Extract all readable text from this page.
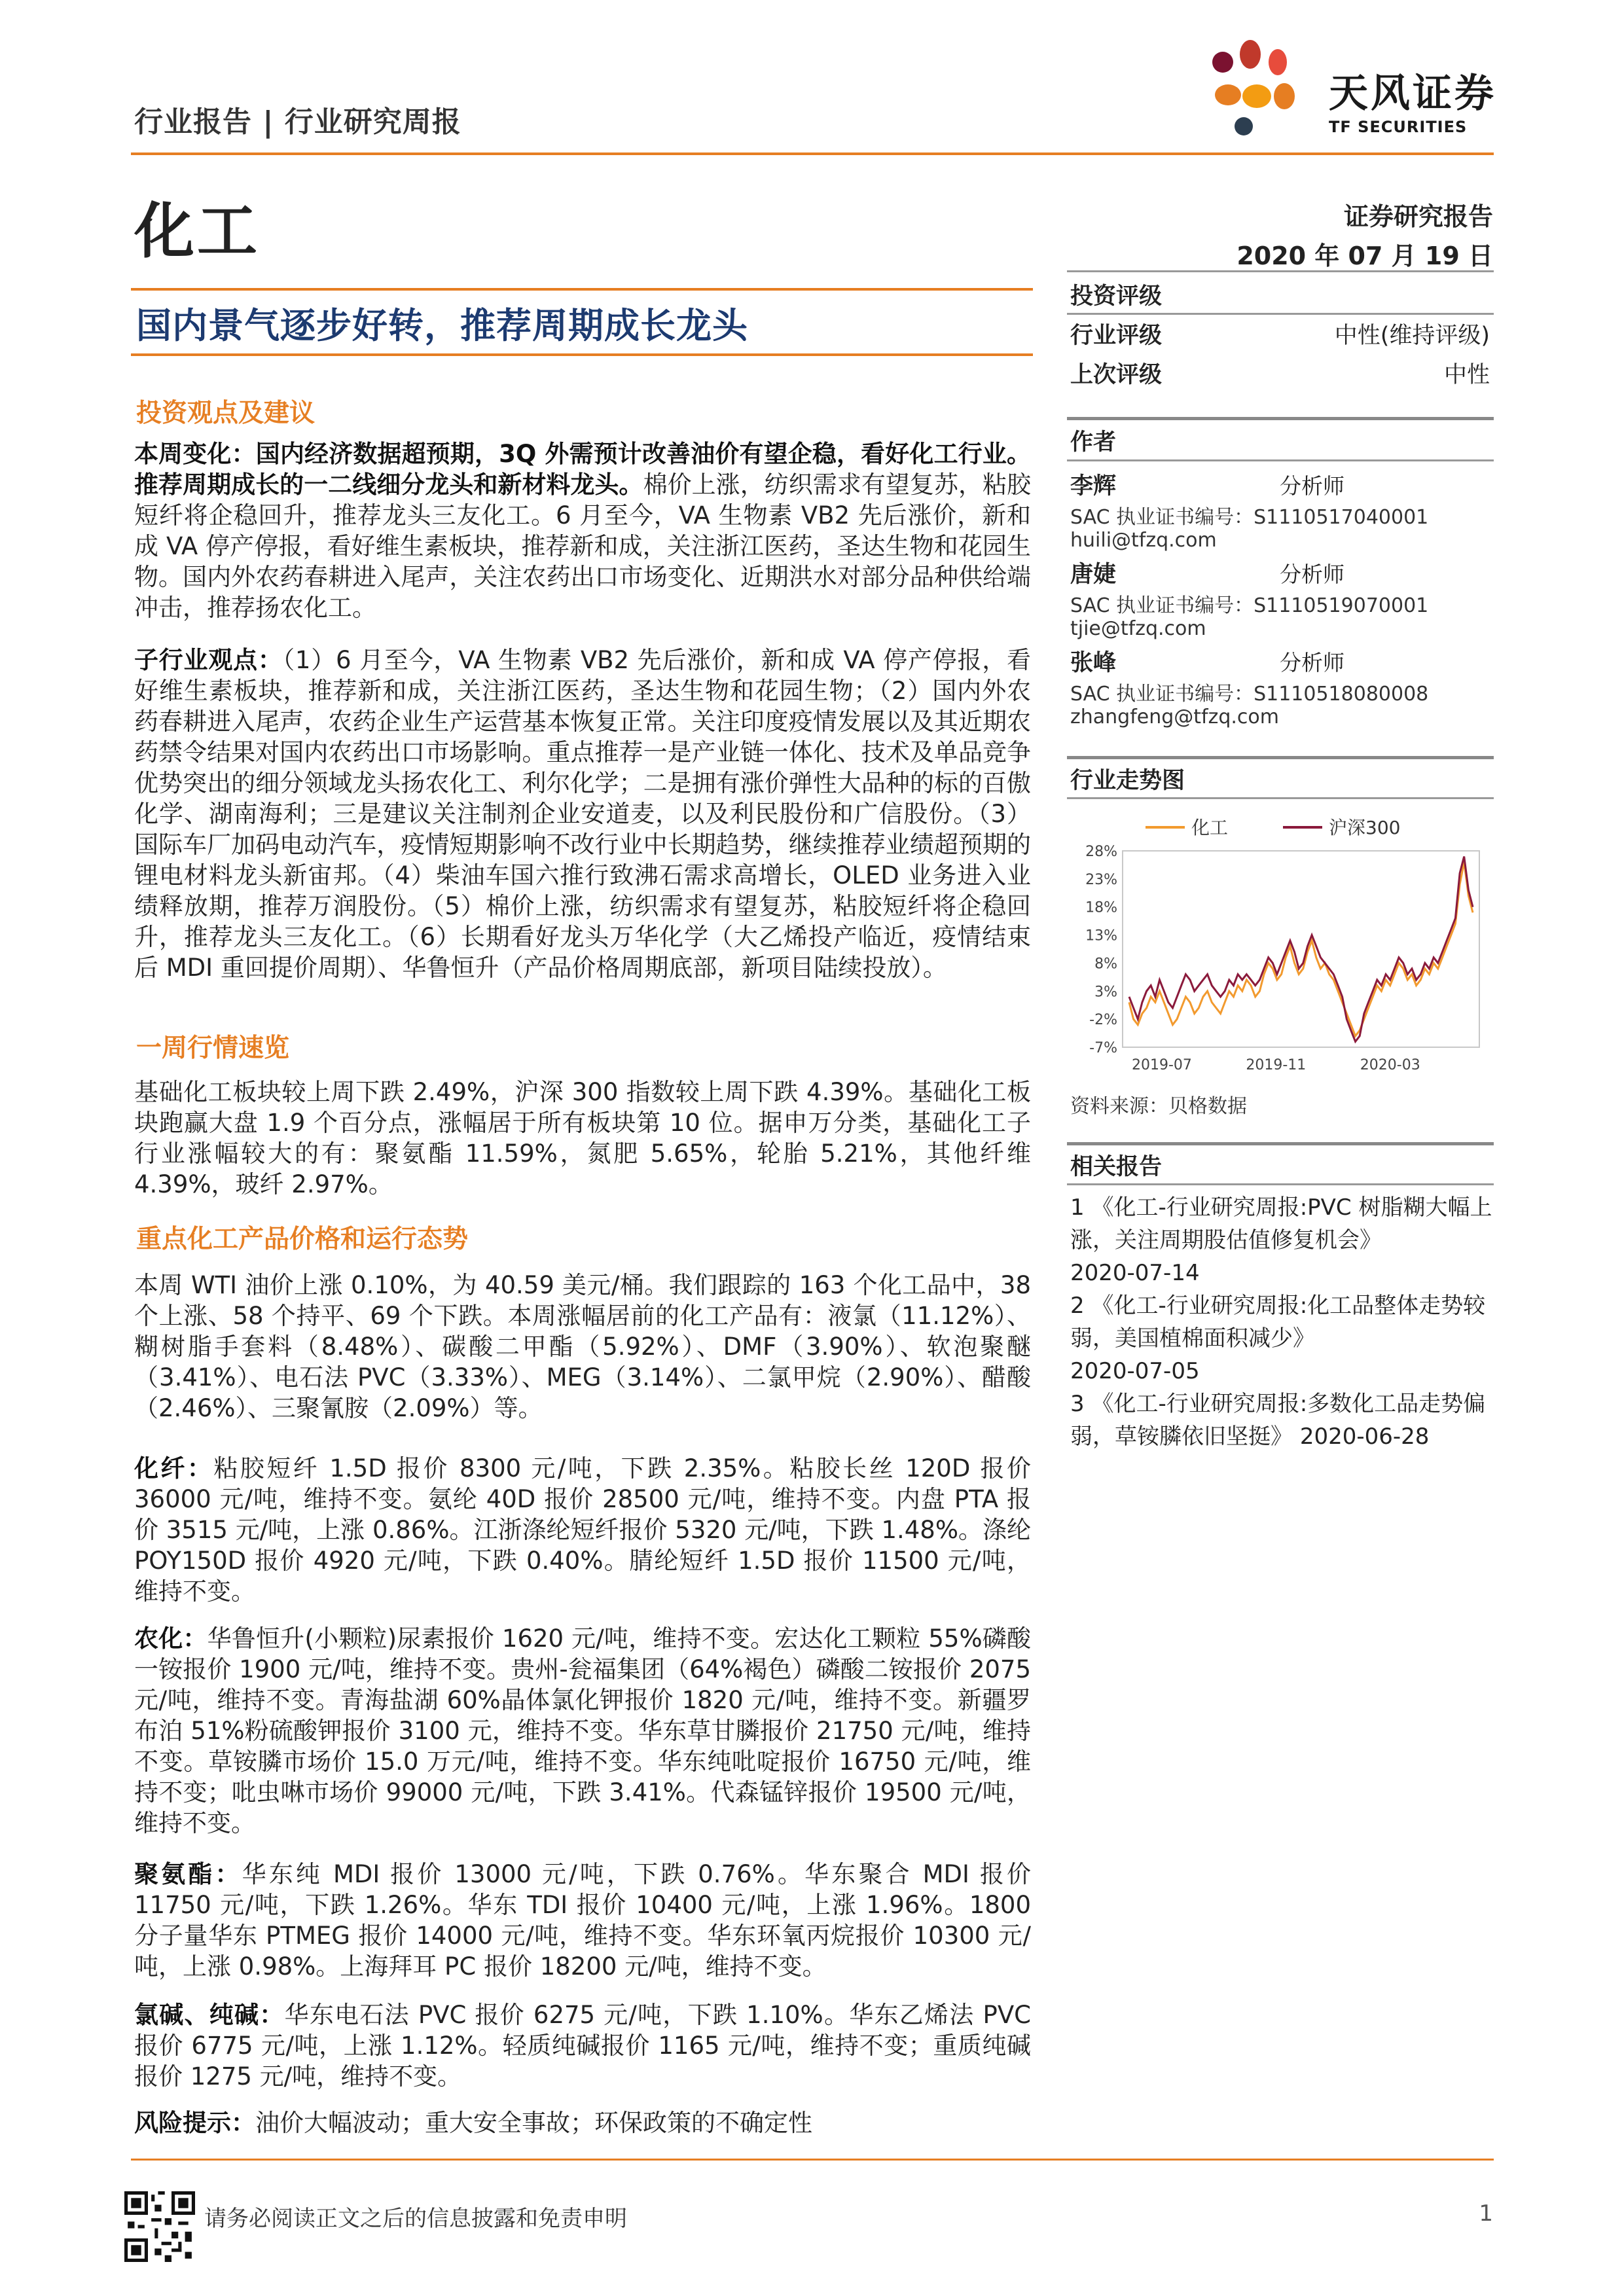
行业报告 | 行业研究周报
天风证券
TF SECURITIES
化工	证券研究报告
2020 年 07 月 19 日
国内景气逐步好转，推荐周期成长龙头
投资观点及建议

本周变化：国内经济数据超预期，3Q 外需预计改善油价有望企稳，看好化工行业。推荐周期成长的一二线细分龙头和新材料龙头。棉价上涨，纺织需求有望复苏，粘胶短纤将企稳回升，推荐龙头三友化工。6 月至今，VA 生物素 VB2 先后涨价，新和成 VA 停产停报，看好维生素板块，推荐新和成，关注浙江医药，圣达生物和花园生物。国内外农药春耕进入尾声，关注农药出口市场变化、近期洪水对部分品种供给端冲击，推荐扬农化工。

子行业观点：（1）6 月至今，VA 生物素 VB2 先后涨价，新和成 VA 停产停报，看好维生素板块，推荐新和成，关注浙江医药，圣达生物和花园生物；（2）国内外农药春耕进入尾声，农药企业生产运营基本恢复正常。关注印度疫情发展以及其近期农药禁令结果对国内农药出口市场影响。重点推荐一是产业链一体化、技术及单品竞争优势突出的细分领域龙头扬农化工、利尔化学；二是拥有涨价弹性大品种的标的百傲化学、湖南海利；三是建议关注制剂企业安道麦，以及利民股份和广信股份。（3）国际车厂加码电动汽车，疫情短期影响不改行业中长期趋势，继续推荐业绩超预期的锂电材料龙头新宙邦。（4）柴油车国六推行致沸石需求高增长，OLED 业务进入业绩释放期，推荐万润股份。（5）棉价上涨，纺织需求有望复苏，粘胶短纤将企稳回升，推荐龙头三友化工。（6）长期看好龙头万华化学（大乙烯投产临近，疫情结束后 MDI 重回提价周期）、华鲁恒升（产品价格周期底部，新项目陆续投放）。

一周行情速览

基础化工板块较上周下跌 2.49%，沪深 300 指数较上周下跌 4.39%。基础化工板块跑赢大盘 1.9 个百分点，涨幅居于所有板块第 10 位。据申万分类，基础化工子行业涨幅较大的有：聚氨酯 11.59%，氮肥 5.65%，轮胎 5.21%，其他纤维 4.39%，玻纤 2.97%。

重点化工产品价格和运行态势

本周 WTI 油价上涨 0.10%，为 40.59 美元/桶。我们跟踪的 163 个化工品中，38 个上涨、58 个持平、69 个下跌。本周涨幅居前的化工产品有：液氯（11.12%）、糊树脂手套料（8.48%）、碳酸二甲酯（5.92%）、DMF（3.90%）、软泡聚醚（3.41%）、电石法 PVC（3.33%）、MEG（3.14%）、二氯甲烷（2.90%）、醋酸（2.46%）、三聚氰胺（2.09%）等。

化纤：粘胶短纤 1.5D 报价 8300 元/吨，下跌 2.35%。粘胶长丝 120D 报价 36000 元/吨，维持不变。氨纶 40D 报价 28500 元/吨，维持不变。内盘 PTA 报价 3515 元/吨，上涨 0.86%。江浙涤纶短纤报价 5320 元/吨，下跌 1.48%。涤纶 POY150D 报价 4920 元/吨，下跌 0.40%。腈纶短纤 1.5D 报价 11500 元/吨，维持不变。

农化：华鲁恒升(小颗粒)尿素报价 1620 元/吨，维持不变。宏达化工颗粒 55%磷酸一铵报价 1900 元/吨，维持不变。贵州-瓮福集团（64%褐色）磷酸二铵报价 2075 元/吨，维持不变。青海盐湖 60%晶体氯化钾报价 1820 元/吨，维持不变。新疆罗布泊 51%粉硫酸钾报价 3100 元，维持不变。华东草甘膦报价 21750 元/吨，维持不变。草铵膦市场价 15.0 万元/吨，维持不变。华东纯吡啶报价 16750 元/吨，维持不变；吡虫啉市场价 99000 元/吨，下跌 3.41%。代森锰锌报价 19500 元/吨，维持不变。

聚氨酯：华东纯 MDI 报价 13000 元/吨，下跌 0.76%。华东聚合 MDI 报价 11750 元/吨，下跌 1.26%。华东 TDI 报价 10400 元/吨，上涨 1.96%。1800 分子量华东 PTMEG 报价 14000 元/吨，维持不变。华东环氧丙烷报价 10300 元/吨，上涨 0.98%。上海拜耳 PC 报价 18200 元/吨，维持不变。

氯碱、纯碱：华东电石法 PVC 报价 6275 元/吨，下跌 1.10%。华东乙烯法 PVC 报价 6775 元/吨，上涨 1.12%。轻质纯碱报价 1165 元/吨，维持不变；重质纯碱报价 1275 元/吨，维持不变。

风险提示：油价大幅波动；重大安全事故；环保政策的不确定性

投资评级
行业评级	中性(维持评级)
上次评级	中性
作者
李辉	分析师
SAC 执业证书编号：S1110517040001
huili@tfzq.com
唐婕	分析师
SAC 执业证书编号：S1110519070001
tjie@tfzq.com
张峰	分析师
SAC 执业证书编号：S1110518080008
zhangfeng@tfzq.com
行业走势图
化工	沪深300
28%
23%
18%
13%
8%
3%
-2%
-7%
2019-07	2019-11	2020-03
资料来源：贝格数据
相关报告
1 《化工-行业研究周报:PVC 树脂糊大幅上涨，关注周期股估值修复机会》
2020-07-14
2 《化工-行业研究周报:化工品整体走势较弱，美国植棉面积减少》
2020-07-05
3 《化工-行业研究周报:多数化工品走势偏弱，草铵膦依旧坚挺》 2020-06-28
请务必阅读正文之后的信息披露和免责申明	1
